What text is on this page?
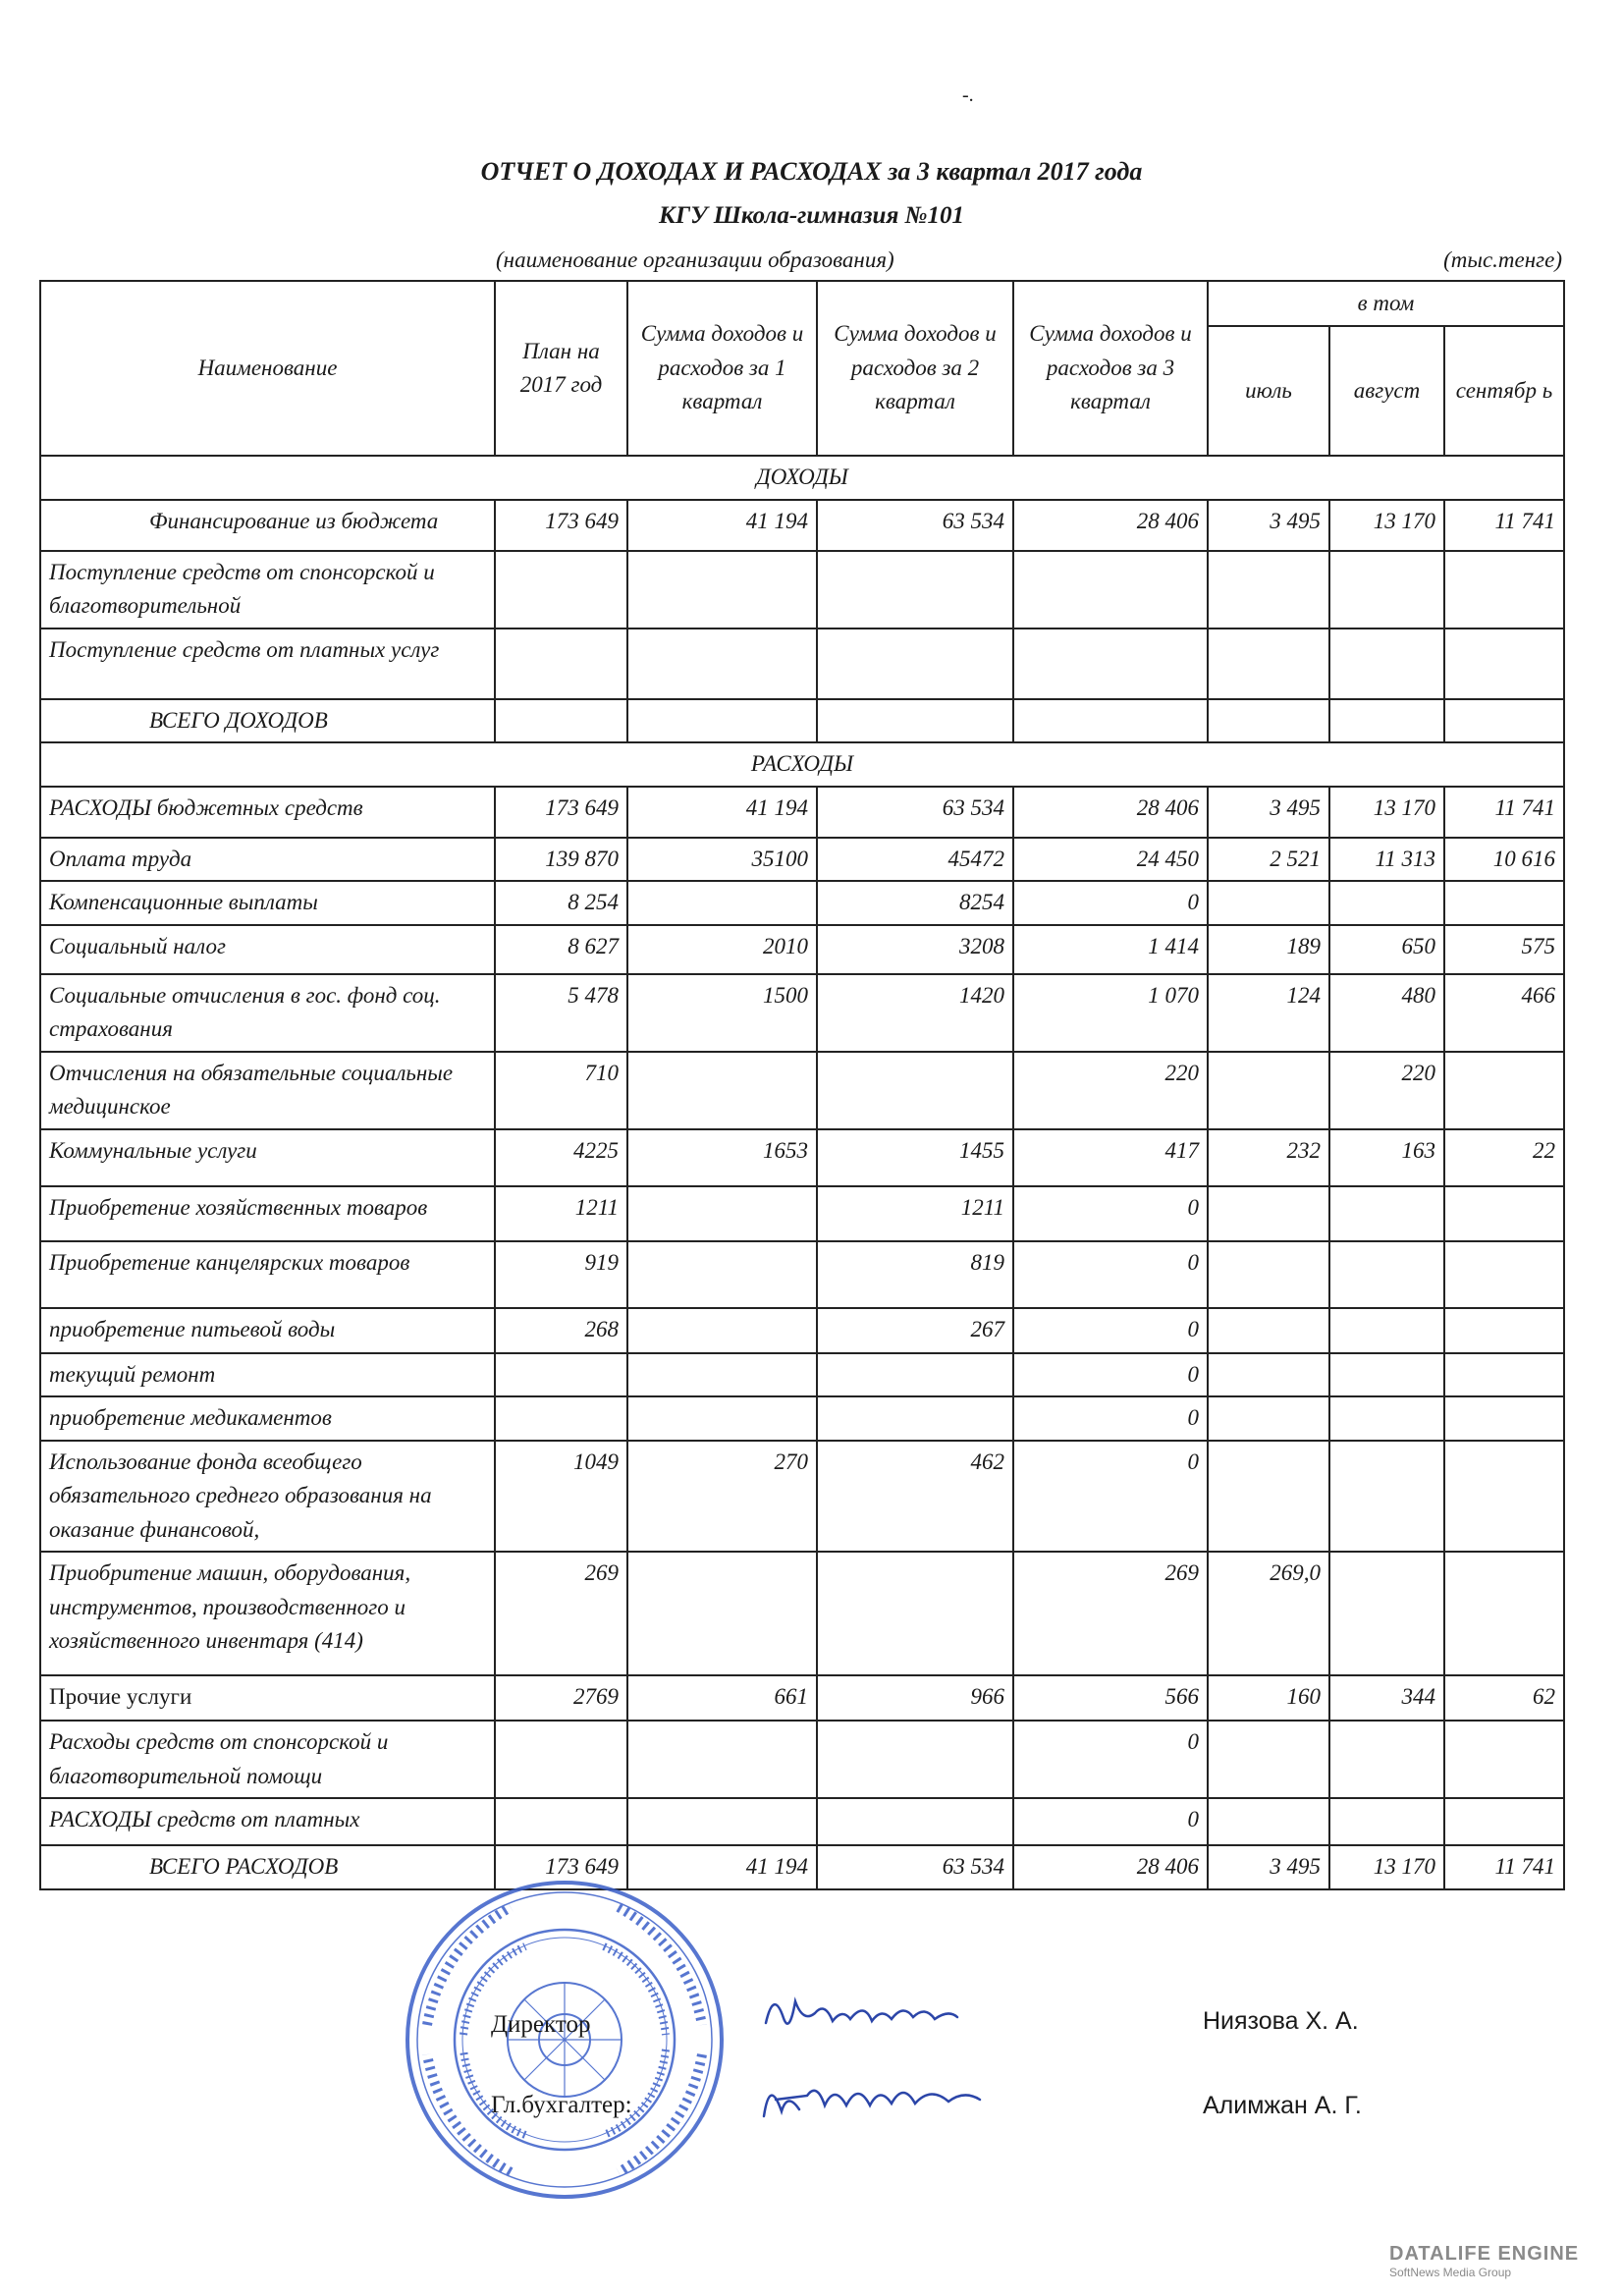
-.
ОТЧЕТ О ДОХОДАХ И РАСХОДАХ за 3 квартал 2017 года
КГУ Школа-гимназия №101
(наименование организации образования)	(тыс.тенге)
Наименование	План на 2017 год	Сумма доходов и расходов за 1 квартал	Сумма доходов и расходов за 2 квартал	Сумма доходов и расходов за 3 квартал	в том		
					июль	август	сентябр ь
ДОХОДЫ							
Финансирование из бюджета	173 649	41 194	63 534	28 406	3 495	13 170	11 741
Поступление средств от спонсорской и благотворительной							
Поступление средств от платных услуг							
ВСЕГО ДОХОДОВ							
РАСХОДЫ							
РАСХОДЫ бюджетных средств	173 649	41 194	63 534	28 406	3 495	13 170	11 741
Оплата труда	139 870	35100	45472	24 450	2 521	11 313	10 616
Компенсационные выплаты	8 254		8254	0			
Социальный налог	8 627	2010	3208	1 414	189	650	575
Социальные отчисления в гос. фонд соц. страхования	5 478	1500	1420	1 070	124	480	466
Отчисления на обязательные социальные медицинское	710			220		220	
Коммунальные услуги	4225	1653	1455	417	232	163	22
Приобретение хозяйственных товаров	1211		1211	0			
Приобретение канцелярских товаров	919		819	0			
приобретение питьевой воды	268		267	0			
текущий ремонт				0			
приобретение медикаментов				0			
Использование фонда всеобщего обязательного среднего образования на оказание финансовой,	1049	270	462	0			
Приобритение машин, оборудования, инструментов, производственного и хозяйственного инвентаря (414)	269			269	269,0		
Прочие услуги	2769	661	966	566	160	344	62
Расходы средств от спонсорской и благотворительной помощи				0			
РАСХОДЫ средств от платных				0			
ВСЕГО РАСХОДОВ	173 649	41 194	63 534	28 406	3 495	13 170	11 741
Директор
Гл.бухгалтер:
Ниязова Х. А.
Алимжан А. Г.
DATALIFE ENGINE
SoftNews Media Group
